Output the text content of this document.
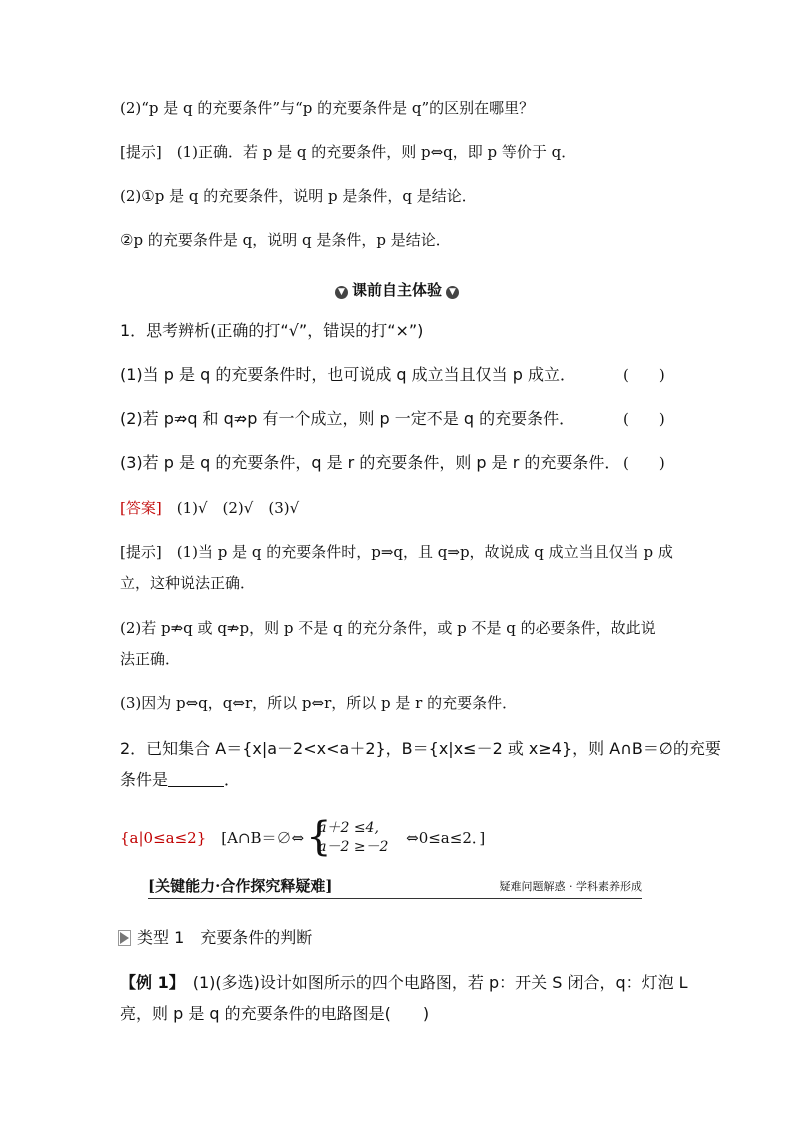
(2)“p 是 q 的充要条件”与“p 的充要条件是 q”的区别在哪里？
[提示]　(1)正确．若 p 是 q 的充要条件，则 p⇔q，即 p 等价于 q．
(2)①p 是 q 的充要条件，说明 p 是条件，q 是结论．
②p 的充要条件是 q，说明 q 是条件，p 是结论．
▼ 课前自主体验 ▼
1．思考辨析(正确的打“√”，错误的打“×”)
(1)当 p 是 q 的充要条件时，也可说成 q 成立当且仅当 p 成立．	(　　)
(2)若 p⇏q 和 q⇏p 有一个成立，则 p 一定不是 q 的充要条件．	(　　)
(3)若 p 是 q 的充要条件，q 是 r 的充要条件，则 p 是 r 的充要条件． (　　)
[答案]　 (1)√　(2)√　(3)√
[提示]　(1)当 p 是 q 的充要条件时，p⇒q，且 q⇒p，故说成 q 成立当且仅当 p 成
立，这种说法正确．
(2)若 p⇏q 或 q⇏p，则 p 不是 q 的充分条件，或 p 不是 q 的必要条件，故此说
法正确．
(3)因为 p⇔q，q⇔r，所以 p⇔r，所以 p 是 r 的充要条件．
2．已知集合 A＝{x|a－2<x<a＋2}，B＝{x|x≤－2 或 x≥4}，则 A∩B＝∅的充要
条件是	．
{a|0≤a≤2}　 [A∩B＝∅⇔ {
a＋2 ≤4,
a－2 ≥－2 ⇔0≤a≤2．]
[关键能力·合作探究释疑难]	疑难问题解惑 · 学科素养形成
类型 1　充要条件的判断
【例 1】　(1)(多选)设计如图所示的四个电路图，若 p：开关 S 闭合，q：灯泡 L
亮，则 p 是 q 的充要条件的电路图是(　　)
